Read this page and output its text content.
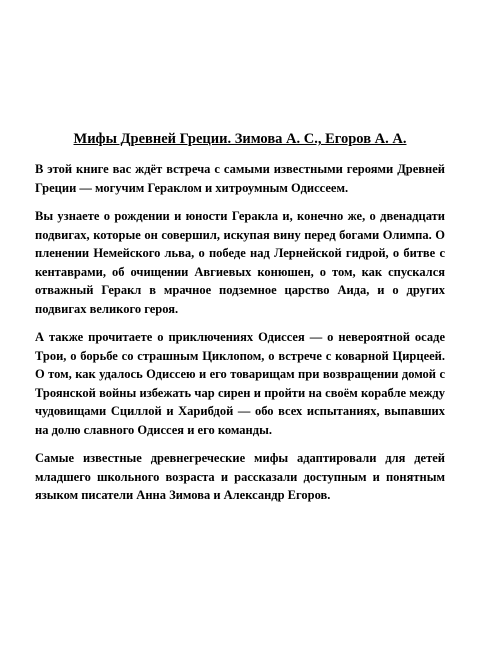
Мифы Древней Греции. Зимова А. С., Егоров А. А.

В этой книге вас ждёт встреча с самыми известными героями Древней Греции — могучим Гераклом и хитроумным Одиссеем.

Вы узнаете о рождении и юности Геракла и, конечно же, о двенадцати подвигах, которые он совершил, искупая вину перед богами Олимпа. О пленении Немейского льва, о победе над Лернейской гидрой, о битве с кентаврами, об очищении Авгиевых конюшен, о том, как спускался отважный Геракл в мрачное подземное царство Аида, и о других подвигах великого героя.

А также прочитаете о приключениях Одиссея — о невероятной осаде Трои, о борьбе со страшным Циклопом, о встрече с коварной Цирцеей. О том, как удалось Одиссею и его товарищам при возвращении домой с Троянской войны избежать чар сирен и пройти на своём корабле между чудовищами Сциллой и Харибдой — обо всех испытаниях, выпавших на долю славного Одиссея и его команды.

Самые известные древнегреческие мифы адаптировали для детей младшего школьного возраста и рассказали доступным и понятным языком писатели Анна Зимова и Александр Егоров.
